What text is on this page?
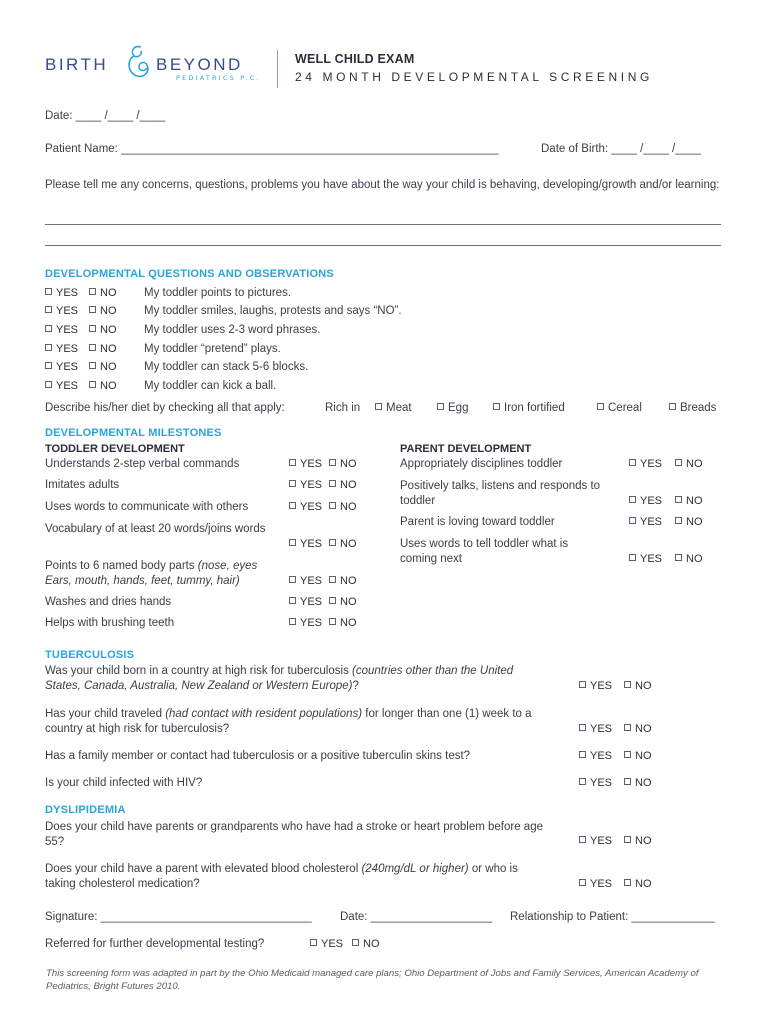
BIRTH	BEYOND
PEDIATRICS P.C.
WELL CHILD EXAM
24 MONTH DEVELOPMENTAL SCREENING
Date: ____ /____ /____
Patient Name: ___________________________________________________________	Date of Birth: ____ /____ /____
Please tell me any concerns, questions, problems you have about the way your child is behaving, developing/growth and/or learning:
DEVELOPMENTAL QUESTIONS AND OBSERVATIONS
YES	NO My toddler points to pictures.
YES	NO My toddler smiles, laughs, protests and says “NO”.
YES	NO My toddler uses 2-3 word phrases.
YES	NO My toddler “pretend” plays.
YES	NO My toddler can stack 5-6 blocks.
YES	NO My toddler can kick a ball.
Describe his/her diet by checking all that apply:	Rich in	Meat	Egg	Iron fortified	Cereal	Breads
DEVELOPMENTAL MILESTONES
TODDLER DEVELOPMENT	PARENT DEVELOPMENT
Understands 2-step verbal commands	YES	NO
Imitates adults	YES	NO
Uses words to communicate with others	YES	NO
Vocabulary of at least 20 words/joins words
YES	NO
Points to 6 named body parts (nose, eyes Ears, mouth, hands, feet, tummy, hair)	YES	NO
Washes and dries hands	YES	NO
Helps with brushing teeth	YES	NO
Appropriately disciplines toddler	YES	NO
Positively talks, listens and responds to toddler	YES	NO
Parent is loving toward toddler	YES	NO
Uses words to tell toddler what is coming next	YES	NO
TUBERCULOSIS
Was your child born in a country at high risk for tuberculosis (countries other than the United States, Canada, Australia, New Zealand or Western Europe)?	YES	NO
Has your child traveled (had contact with resident populations) for longer than one (1) week to a country at high risk for tuberculosis?	YES	NO
Has a family member or contact had tuberculosis or a positive tuberculin skins test?	YES	NO
Is your child infected with HIV?	YES	NO
DYSLIPIDEMIA
Does your child have parents or grandparents who have had a stroke or heart problem before age 55?	YES	NO
Does your child have a parent with elevated blood cholesterol (240mg/dL or higher) or who is taking cholesterol medication?	YES	NO
Signature: _________________________________ Date: ___________________ Relationship to Patient: _____________
Referred for further developmental testing?	YES	NO
This screening form was adapted in part by the Ohio Medicaid managed care plans; Ohio Department of Jobs and Family Services, American Academy of Pediatrics, Bright Futures 2010.
